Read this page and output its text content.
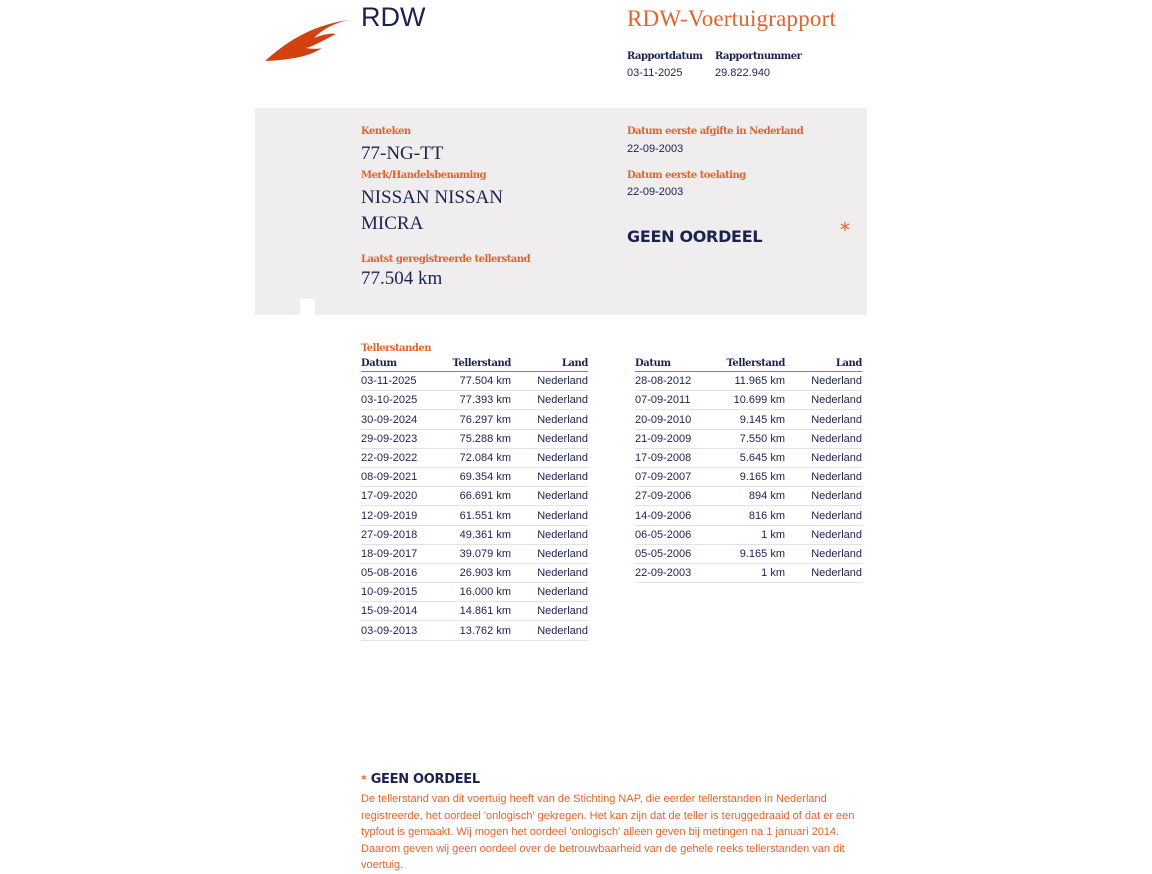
RDW	RDW-Voertuigrapport
Rapportdatum
03-11-2025
Rapportnummer
29.822.940
Kenteken
77-NG-TT
Merk/Handelsbenaming
NISSAN NISSAN
MICRA
Laatst geregistreerde tellerstand
77.504 km
Datum eerste afgifte in Nederland
22-09-2003
Datum eerste toelating
22-09-2003
GEEN OORDEEL	*
Tellerstanden
Datum	Tellerstand	Land
03-11-2025	77.504 km	Nederland
03-10-2025	77.393 km	Nederland
30-09-2024	76.297 km	Nederland
29-09-2023	75.288 km	Nederland
22-09-2022	72.084 km	Nederland
08-09-2021	69.354 km	Nederland
17-09-2020	66.691 km	Nederland
12-09-2019	61.551 km	Nederland
27-09-2018	49.361 km	Nederland
18-09-2017	39.079 km	Nederland
05-08-2016	26.903 km	Nederland
10-09-2015	16.000 km	Nederland
15-09-2014	14.861 km	Nederland
03-09-2013	13.762 km	Nederland
Datum	Tellerstand	Land
28-08-2012	11.965 km	Nederland
07-09-2011	10.699 km	Nederland
20-09-2010	9.145 km	Nederland
21-09-2009	7.550 km	Nederland
17-09-2008	5.645 km	Nederland
07-09-2007	9.165 km	Nederland
27-09-2006	894 km	Nederland
14-09-2006	816 km	Nederland
06-05-2006	1 km	Nederland
05-05-2006	9.165 km	Nederland
22-09-2003	1 km	Nederland
* GEEN OORDEEL
De tellerstand van dit voertuig heeft van de Stichting NAP, die eerder tellerstanden in Nederland registreerde, het oordeel 'onlogisch' gekregen. Het kan zijn dat de teller is teruggedraaid of dat er een typfout is gemaakt. Wij mogen het oordeel 'onlogisch' alleen geven bij metingen na 1 januari 2014. Daarom geven wij geen oordeel over de betrouwbaarheid van de gehele reeks tellerstanden van dit voertuig.
